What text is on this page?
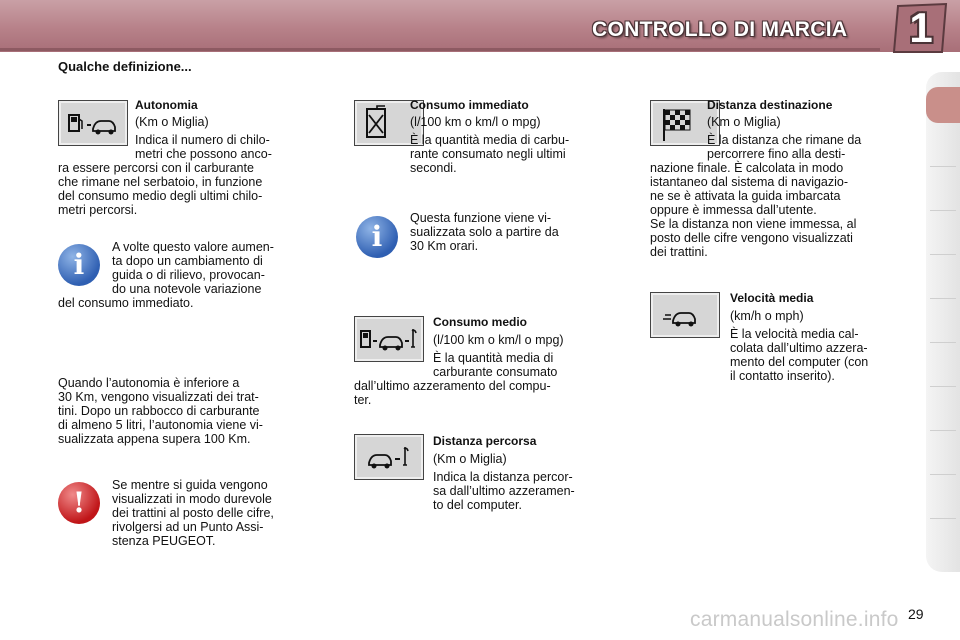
CONTROLLO DI MARCIA	1
Qualche definizione...

Autonomia

(Km o Miglia)

Indica il numero di chilo-

metri che possono anco-

ra essere percorsi con il carburante

che rimane nel serbatoio, in funzione

del consumo medio degli ultimi chilo-

metri percorsi.

i

A volte questo valore aumen-

ta dopo un cambiamento di

guida o di rilievo, provocan-

do una notevole variazione

del consumo immediato.

Quando l’autonomia è inferiore a

30 Km, vengono visualizzati dei trat-

tini. Dopo un rabbocco di carburante

di almeno 5 litri, l’autonomia viene vi-

sualizzata appena supera 100 Km.

!

Se mentre si guida vengono

visualizzati in modo durevole

dei trattini al posto delle cifre,

rivolgersi ad un Punto Assi-

stenza PEUGEOT.

Consumo immediato

(l/100 km o km/l o mpg)

È la quantità media di carbu-

rante consumato negli ultimi

secondi.

i

Questa funzione viene vi-

sualizzata solo a partire da

30 Km orari.

Consumo medio

(l/100 km o km/l o mpg)

È la quantità media di

carburante consumato

dall’ultimo azzeramento del compu-

ter.

Distanza percorsa

(Km o Miglia)

Indica la distanza percor-

sa dall’ultimo azzeramen-

to del computer.

Distanza destinazione

(Km o Miglia)

È la distanza che rimane da

percorrere fino alla desti-

nazione finale. È calcolata in modo

istantaneo dal sistema di navigazio-

ne se è attivata la guida imbarcata

oppure è immessa dall’utente.

Se la distanza non viene immessa, al

posto delle cifre vengono visualizzati

dei trattini.

Velocità media

(km/h o mph)

È la velocità media cal-

colata dall’ultimo azzera-

mento del computer (con

il contatto inserito).

carmanualsonline.info 29
